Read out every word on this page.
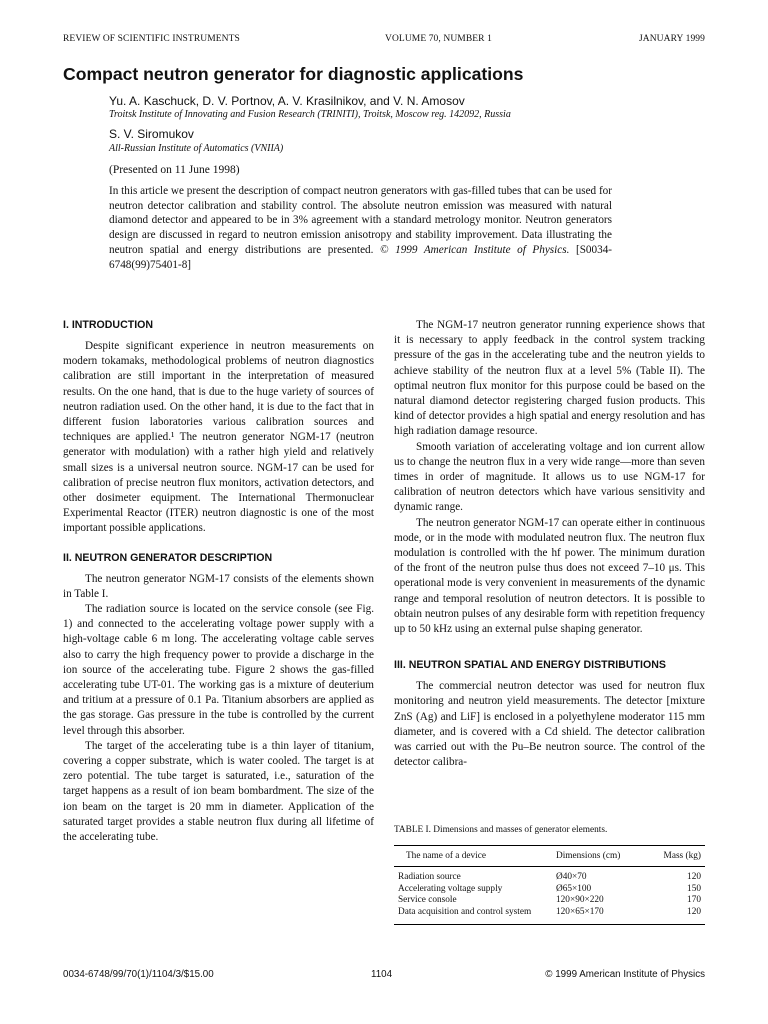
REVIEW OF SCIENTIFIC INSTRUMENTS	VOLUME 70, NUMBER 1	JANUARY 1999
Compact neutron generator for diagnostic applications
Yu. A. Kaschuck, D. V. Portnov, A. V. Krasilnikov, and V. N. Amosov
Troitsk Institute of Innovating and Fusion Research (TRINITI), Troitsk, Moscow reg. 142092, Russia
S. V. Siromukov
All-Russian Institute of Automatics (VNIIA)
(Presented on 11 June 1998)
In this article we present the description of compact neutron generators with gas-filled tubes that can be used for neutron detector calibration and stability control. The absolute neutron emission was measured with natural diamond detector and appeared to be in 3% agreement with a standard metrology monitor. Neutron generators design are discussed in regard to neutron emission anisotropy and stability improvement. Data illustrating the neutron spatial and energy distributions are presented. © 1999 American Institute of Physics. [S0034-6748(99)75401-8]
I. INTRODUCTION

Despite significant experience in neutron measurements on modern tokamaks, methodological problems of neutron diagnostics calibration are still important in the interpretation of measured results. On the one hand, that is due to the huge variety of sources of neutron radiation used. On the other hand, it is due to the fact that in different fusion laboratories various calibration sources and techniques are applied.¹ The neutron generator NGM-17 (neutron generator with modulation) with a rather high yield and relatively small sizes is a universal neutron source. NGM-17 can be used for calibration of precise neutron flux monitors, activation detectors, and other dosimeter equipment. The International Thermonuclear Experimental Reactor (ITER) neutron diagnostic is one of the most important possible applications.

II. NEUTRON GENERATOR DESCRIPTION

The neutron generator NGM-17 consists of the elements shown in Table I.

The radiation source is located on the service console (see Fig. 1) and connected to the accelerating voltage power supply with a high-voltage cable 6 m long. The accelerating voltage cable serves also to carry the high frequency power to provide a discharge in the ion source of the accelerating tube. Figure 2 shows the gas-filled accelerating tube UT-01. The working gas is a mixture of deuterium and tritium at a pressure of 0.1 Pa. Titanium absorbers are applied as the gas storage. Gas pressure in the tube is controlled by the current level through this absorber.

The target of the accelerating tube is a thin layer of titanium, covering a copper substrate, which is water cooled. The target is at zero potential. The tube target is saturated, i.e., saturation of the target happens as a result of ion beam bombardment. The size of the ion beam on the target is 20 mm in diameter. Application of the saturated target provides a stable neutron flux during all lifetime of the accelerating tube.

The NGM-17 neutron generator running experience shows that it is necessary to apply feedback in the control system tracking pressure of the gas in the accelerating tube and the neutron yields to achieve stability of the neutron flux at a level 5% (Table II). The optimal neutron flux monitor for this purpose could be based on the natural diamond detector registering charged fusion products. This kind of detector provides a high spatial and energy resolution and has high radiation damage resource.

Smooth variation of accelerating voltage and ion current allow us to change the neutron flux in a very wide range—more than seven times in order of magnitude. It allows us to use NGM-17 for calibration of neutron detectors which have various sensitivity and dynamic range.

The neutron generator NGM-17 can operate either in continuous mode, or in the mode with modulated neutron flux. The neutron flux modulation is controlled with the hf power. The minimum duration of the front of the neutron pulse thus does not exceed 7–10 μs. This operational mode is very convenient in measurements of the dynamic range and temporal resolution of neutron detectors. It is possible to obtain neutron pulses of any desirable form with repetition frequency up to 50 kHz using an external pulse shaping generator.

III. NEUTRON SPATIAL AND ENERGY DISTRIBUTIONS

The commercial neutron detector was used for neutron flux monitoring and neutron yield measurements. The detector [mixture ZnS (Ag) and LiF] is enclosed in a polyethylene moderator 115 mm diameter, and is covered with a Cd shield. The detector calibration was carried out with the Pu–Be neutron source. The control of the detector calibra-

TABLE I. Dimensions and masses of generator elements.
The name of a device	Dimensions (cm)	Mass (kg)
Radiation source	Ø40×70	120
Accelerating voltage supply	Ø65×100	150
Service console	120×90×220	170
Data acquisition and control system	120×65×170	120
0034-6748/99/70(1)/1104/3/$15.00	1104	© 1999 American Institute of Physics
